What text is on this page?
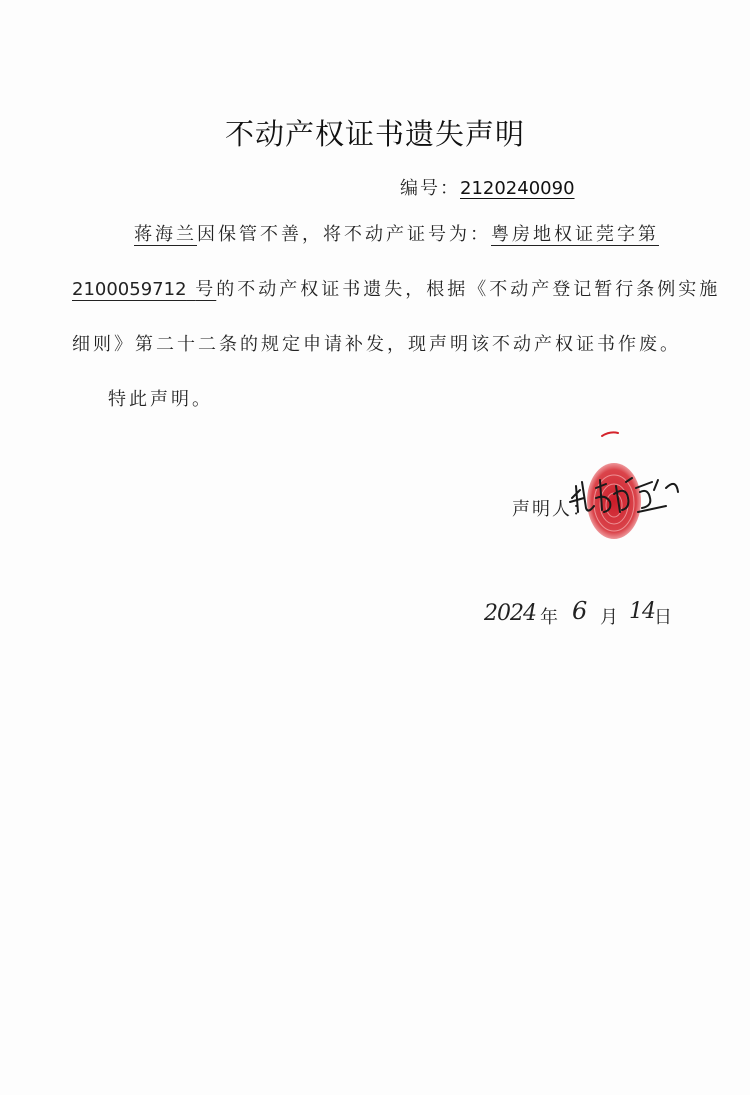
不动产权证书遗失声明
编号：2120240090
蒋海兰因保管不善，将不动产证号为：粤房地权证莞字第
2100059712 号的不动产权证书遗失，根据《不动产登记暂行条例实施
细则》第二十二条的规定申请补发，现声明该不动产权证书作废。
特此声明。
声明人：
2024 年 6 月 14 日
